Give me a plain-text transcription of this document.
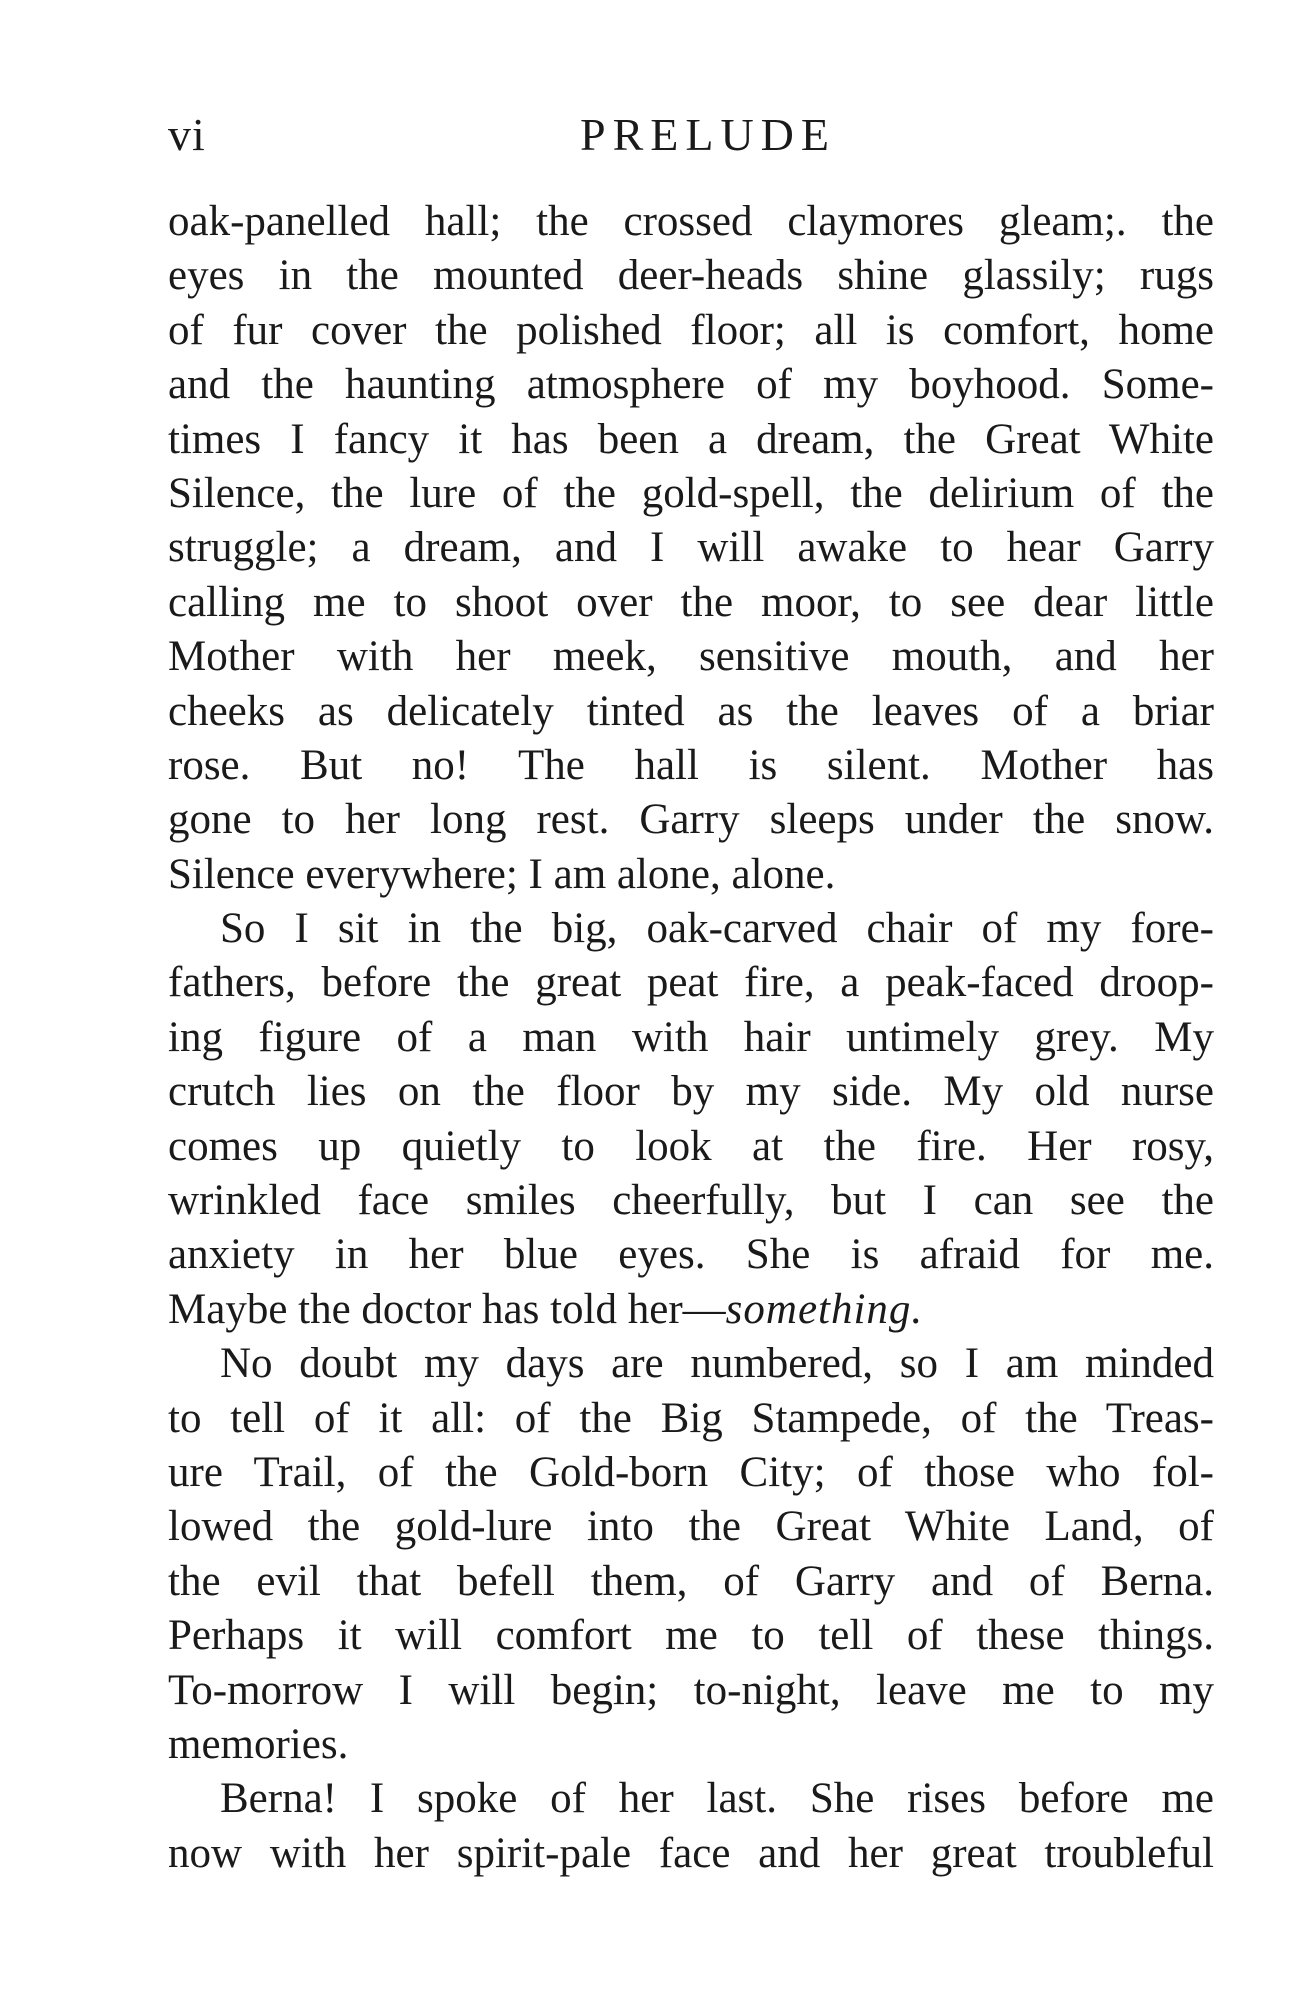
vi	PRELUDE
oak-panelled hall; the crossed claymores gleam;. the
eyes in the mounted deer-heads shine glassily; rugs
of fur cover the polished floor; all is comfort, home
and the haunting atmosphere of my boyhood. Some-
times I fancy it has been a dream, the Great White
Silence, the lure of the gold-spell, the delirium of the
struggle; a dream, and I will awake to hear Garry
calling me to shoot over the moor, to see dear little
Mother with her meek, sensitive mouth, and her
cheeks as delicately tinted as the leaves of a briar
rose. But no! The hall is silent. Mother has
gone to her long rest. Garry sleeps under the snow.
Silence everywhere; I am alone, alone.
So I sit in the big, oak-carved chair of my fore-
fathers, before the great peat fire, a peak-faced droop-
ing figure of a man with hair untimely grey. My
crutch lies on the floor by my side. My old nurse
comes up quietly to look at the fire. Her rosy,
wrinkled face smiles cheerfully, but I can see the
anxiety in her blue eyes. She is afraid for me.
Maybe the doctor has told her—something.
No doubt my days are numbered, so I am minded
to tell of it all: of the Big Stampede, of the Treas-
ure Trail, of the Gold-born City; of those who fol-
lowed the gold-lure into the Great White Land, of
the evil that befell them, of Garry and of Berna.
Perhaps it will comfort me to tell of these things.
To-morrow I will begin; to-night, leave me to my
memories.
Berna! I spoke of her last. She rises before me
now with her spirit-pale face and her great troubleful
